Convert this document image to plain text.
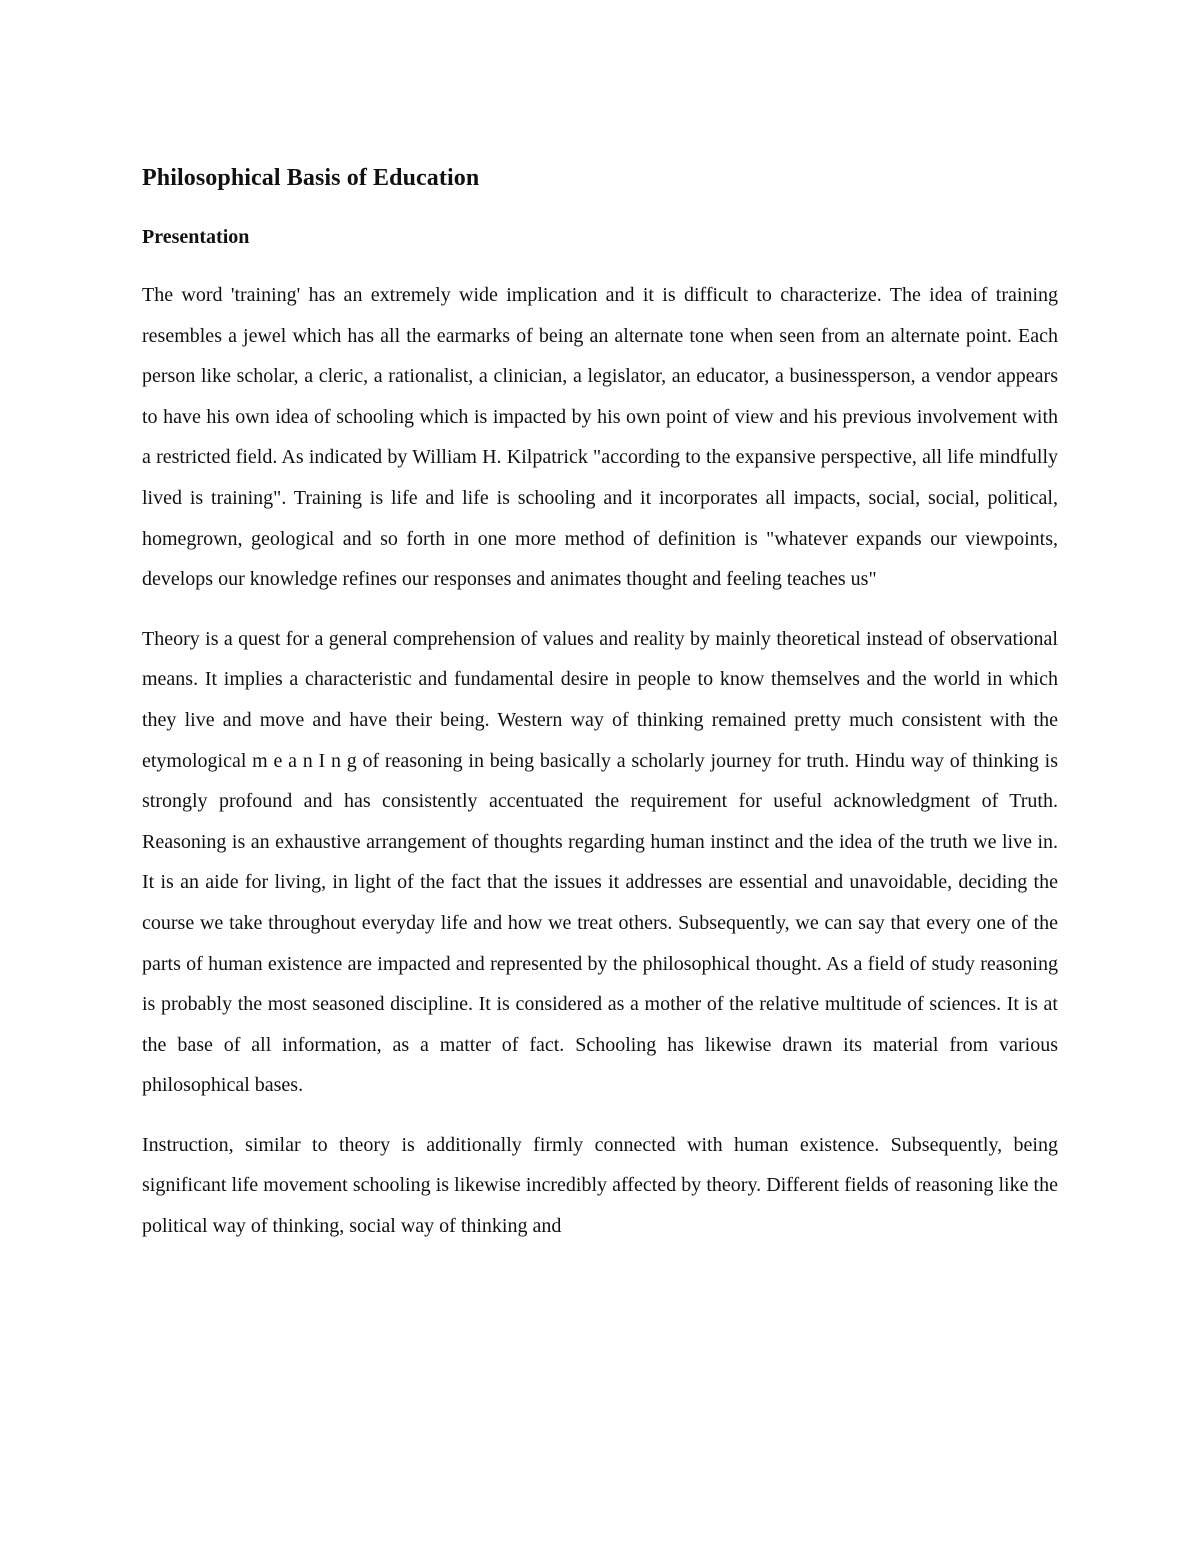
Philosophical Basis of Education
Presentation

The word 'training' has an extremely wide implication and it is difficult to characterize. The idea of training resembles a jewel which has all the earmarks of being an alternate tone when seen from an alternate point. Each person like scholar, a cleric, a rationalist, a clinician, a legislator, an educator, a businessperson, a vendor appears to have his own idea of schooling which is impacted by his own point of view and his previous involvement with a restricted field. As indicated by William H. Kilpatrick "according to the expansive perspective, all life mindfully lived is training". Training is life and life is schooling and it incorporates all impacts, social, social, political, homegrown, geological and so forth in one more method of definition is "whatever expands our viewpoints, develops our knowledge refines our responses and animates thought and feeling teaches us"

Theory is a quest for a general comprehension of values and reality by mainly theoretical instead of observational means. It implies a characteristic and fundamental desire in people to know themselves and the world in which they live and move and have their being. Western way of thinking remained pretty much consistent with the etymological m e a n I n g of reasoning in being basically a scholarly journey for truth. Hindu way of thinking is strongly profound and has consistently accentuated the requirement for useful acknowledgment of Truth. Reasoning is an exhaustive arrangement of thoughts regarding human instinct and the idea of the truth we live in. It is an aide for living, in light of the fact that the issues it addresses are essential and unavoidable, deciding the course we take throughout everyday life and how we treat others. Subsequently, we can say that every one of the parts of human existence are impacted and represented by the philosophical thought. As a field of study reasoning is probably the most seasoned discipline. It is considered as a mother of the relative multitude of sciences. It is at the base of all information, as a matter of fact. Schooling has likewise drawn its material from various philosophical bases.

Instruction, similar to theory is additionally firmly connected with human existence. Subsequently, being significant life movement schooling is likewise incredibly affected by theory. Different fields of reasoning like the political way of thinking, social way of thinking and
